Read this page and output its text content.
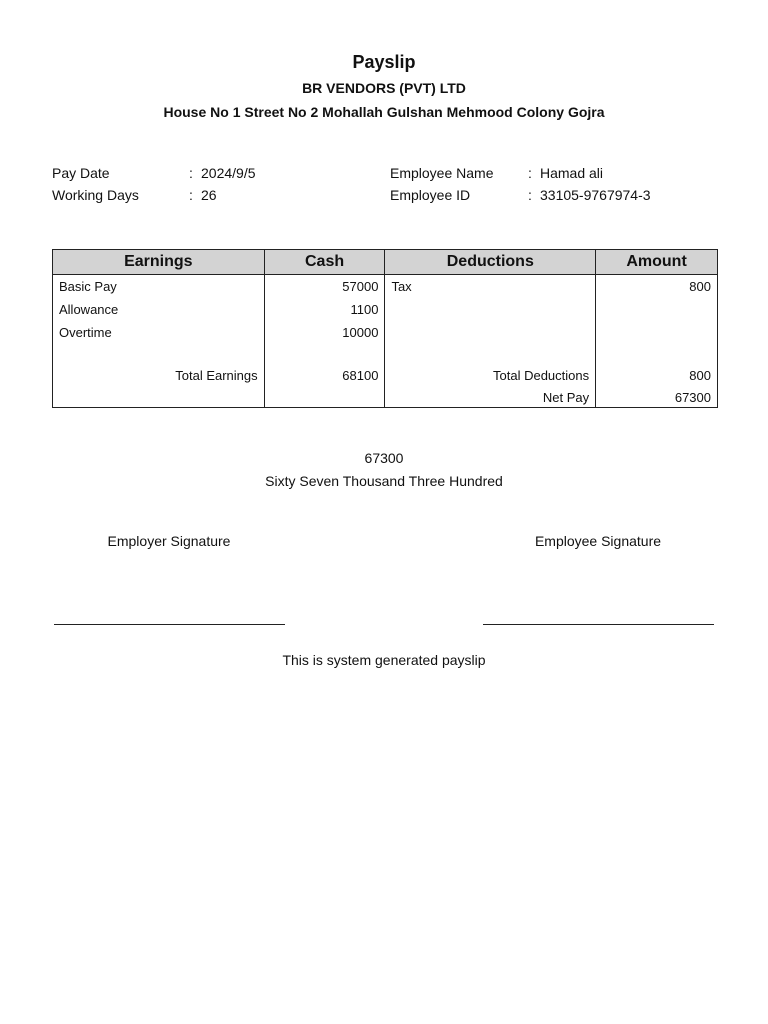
Payslip
BR VENDORS (PVT) LTD
House No 1 Street No 2 Mohallah Gulshan Mehmood Colony Gojra
Pay Date	: 2024/9/5
Working Days	: 26
Employee Name : Hamad ali
Employee ID	: 33105-9767974-3
Earnings	Cash	Deductions	Amount
Basic Pay	57000	Tax	800
Allowance	1100		
Overtime	10000		

Total Earnings	68100	Total Deductions	800
		Net Pay	67300
67300
Sixty Seven Thousand Three Hundred
Employer Signature	Employee Signature
This is system generated payslip
